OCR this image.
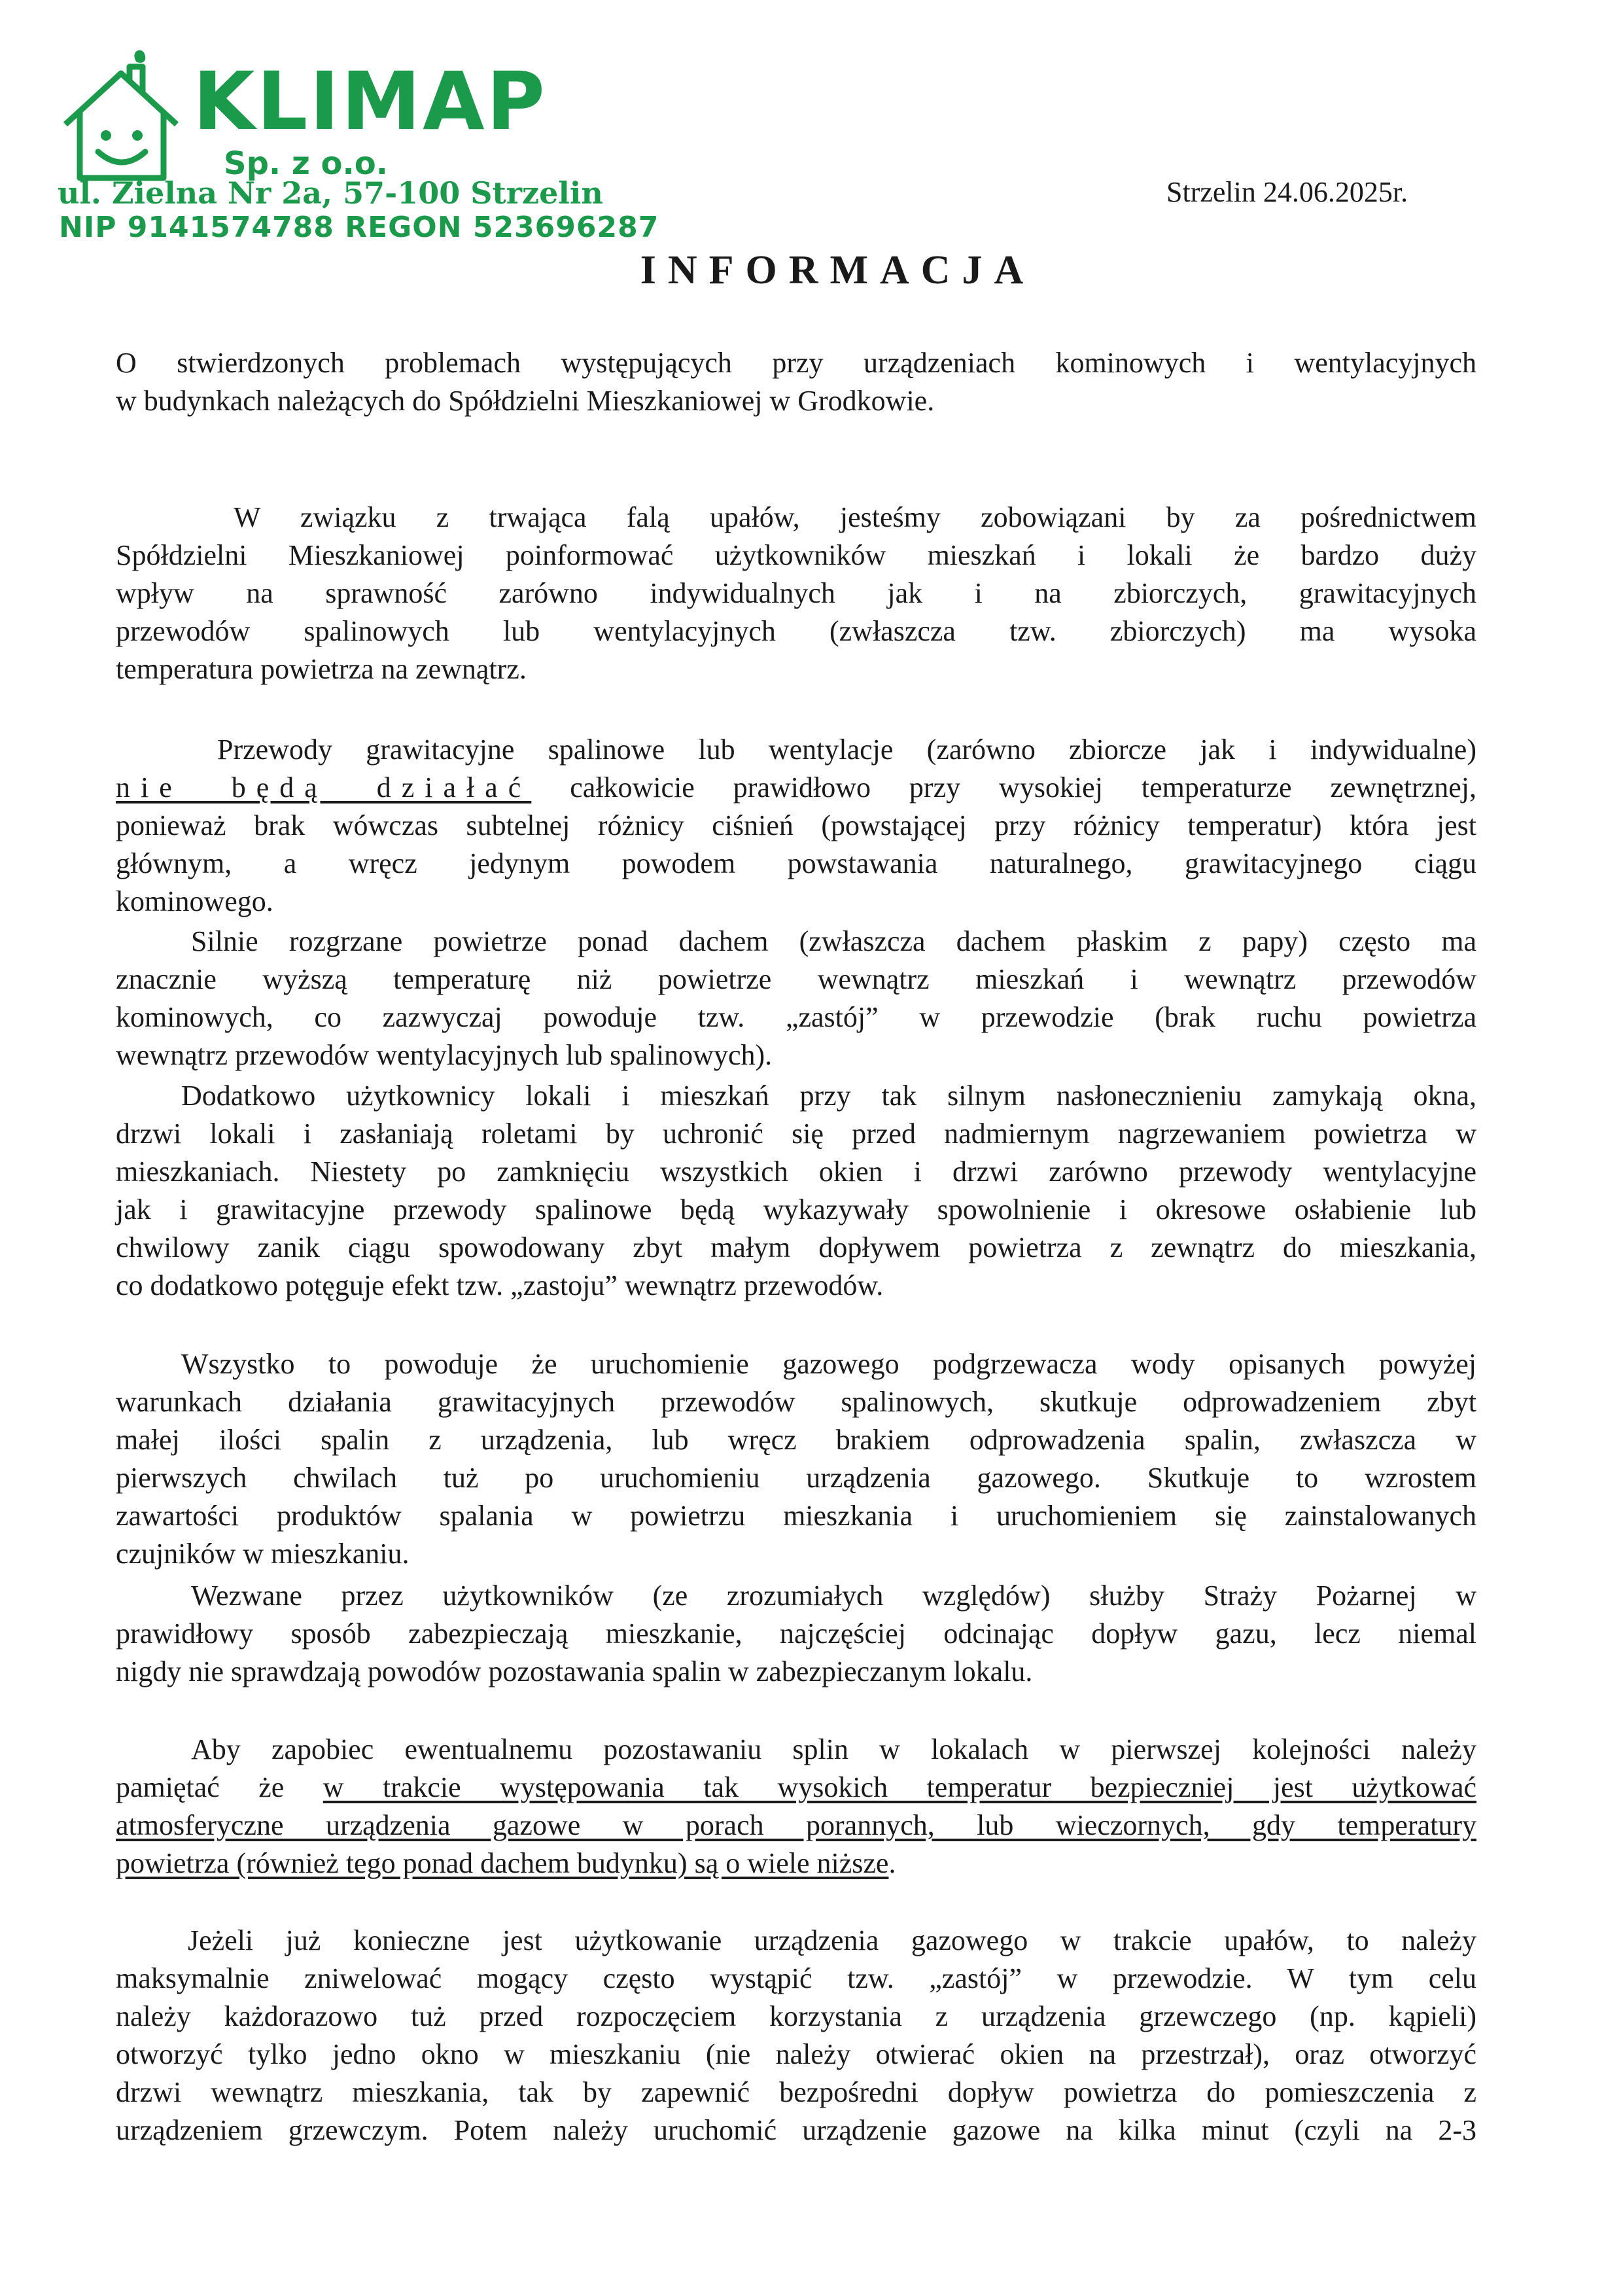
KLIMAP
Sp. z o.o.
ul. Zielna Nr 2a, 57-100 Strzelin
NIP 9141574788 REGON 523696287
Strzelin 24.06.2025r.
INFORMACJA
O stwierdzonych problemach występujących przy urządzeniach kominowych i wentylacyjnych
w budynkach należących do Spółdzielni Mieszkaniowej w Grodkowie.
W związku z trwająca falą upałów, jesteśmy zobowiązani by za pośrednictwem
Spółdzielni Mieszkaniowej poinformować użytkowników mieszkań i lokali że bardzo duży
wpływ na sprawność zarówno indywidualnych jak i na zbiorczych, grawitacyjnych
przewodów spalinowych lub wentylacyjnych (zwłaszcza tzw. zbiorczych) ma wysoka
temperatura powietrza na zewnątrz.
Przewody grawitacyjne spalinowe lub wentylacje (zarówno zbiorcze jak i indywidualne)
nie będą działać całkowicie prawidłowo przy wysokiej temperaturze zewnętrznej,
ponieważ brak wówczas subtelnej różnicy ciśnień (powstającej przy różnicy temperatur) która jest
głównym, a wręcz jedynym powodem powstawania naturalnego, grawitacyjnego ciągu
kominowego.
Silnie rozgrzane powietrze ponad dachem (zwłaszcza dachem płaskim z papy) często ma
znacznie wyższą temperaturę niż powietrze wewnątrz mieszkań i wewnątrz przewodów
kominowych, co zazwyczaj powoduje tzw. „zastój” w przewodzie (brak ruchu powietrza
wewnątrz przewodów wentylacyjnych lub spalinowych).
Dodatkowo użytkownicy lokali i mieszkań przy tak silnym nasłonecznieniu zamykają okna,
drzwi lokali i zasłaniają roletami by uchronić się przed nadmiernym nagrzewaniem powietrza w
mieszkaniach. Niestety po zamknięciu wszystkich okien i drzwi zarówno przewody wentylacyjne
jak i grawitacyjne przewody spalinowe będą wykazywały spowolnienie i okresowe osłabienie lub
chwilowy zanik ciągu spowodowany zbyt małym dopływem powietrza z zewnątrz do mieszkania,
co dodatkowo potęguje efekt tzw. „zastoju” wewnątrz przewodów.
Wszystko to powoduje że uruchomienie gazowego podgrzewacza wody opisanych powyżej
warunkach działania grawitacyjnych przewodów spalinowych, skutkuje odprowadzeniem zbyt
małej ilości spalin z urządzenia, lub wręcz brakiem odprowadzenia spalin, zwłaszcza w
pierwszych chwilach tuż po uruchomieniu urządzenia gazowego. Skutkuje to wzrostem
zawartości produktów spalania w powietrzu mieszkania i uruchomieniem się zainstalowanych
czujników w mieszkaniu.
Wezwane przez użytkowników (ze zrozumiałych względów) służby Straży Pożarnej w
prawidłowy sposób zabezpieczają mieszkanie, najczęściej odcinając dopływ gazu, lecz niemal
nigdy nie sprawdzają powodów pozostawania spalin w zabezpieczanym lokalu.
Aby zapobiec ewentualnemu pozostawaniu splin w lokalach w pierwszej kolejności należy
pamiętać że w trakcie występowania tak wysokich temperatur bezpieczniej jest użytkować
atmosferyczne urządzenia gazowe w porach porannych, lub wieczornych, gdy temperatury
powietrza (również tego ponad dachem budynku) są o wiele niższe.
Jeżeli już konieczne jest użytkowanie urządzenia gazowego w trakcie upałów, to należy
maksymalnie zniwelować mogący często wystąpić tzw. „zastój” w przewodzie. W tym celu
należy każdorazowo tuż przed rozpoczęciem korzystania z urządzenia grzewczego (np. kąpieli)
otworzyć tylko jedno okno w mieszkaniu (nie należy otwierać okien na przestrzał), oraz otworzyć
drzwi wewnątrz mieszkania, tak by zapewnić bezpośredni dopływ powietrza do pomieszczenia z
urządzeniem grzewczym. Potem należy uruchomić urządzenie gazowe na kilka minut (czyli na 2-3
